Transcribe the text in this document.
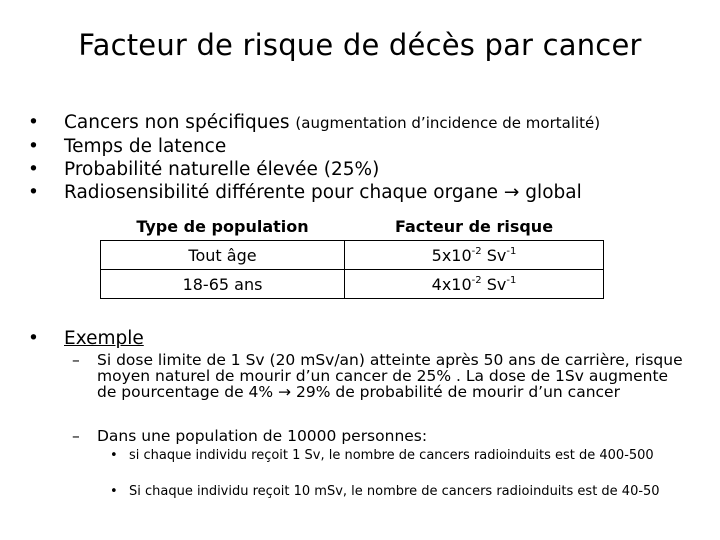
Facteur de risque de décès par cancer
• Cancers non spécifiques (augmentation d’incidence de mortalité)
• Temps de latence
• Probabilité naturelle élevée (25%)
• Radiosensibilité différente pour chaque organe → global
Type de population	Facteur de risque
Tout âge	$5x10^{-2}$ $Sv^{-1}$
18-65 ans	$4x10^{-2}$ $Sv^{-1}$
• Exemple
– Si dose limite de 1 Sv (20 mSv/an) atteinte après 50 ans de carrière, risque moyen naturel de mourir d’un cancer de 25% . La dose de 1Sv augmente de pourcentage de 4% → 29% de probabilité de mourir d’un cancer
– Dans une population de 10000 personnes:
• si chaque individu reçoit 1 Sv, le nombre de cancers radioinduits est de 400-500
• Si chaque individu reçoit 10 mSv, le nombre de cancers radioinduits est de 40-50
